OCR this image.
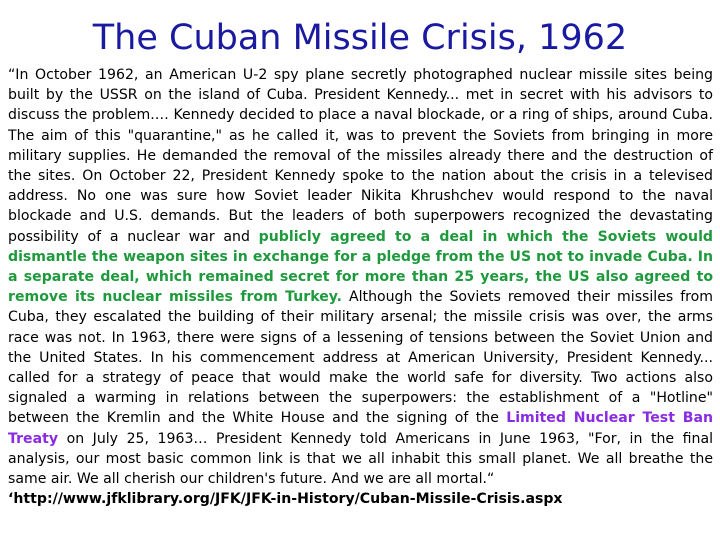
The Cuban Missile Crisis, 1962

“In October 1962, an American U-2 spy plane secretly photographed nuclear missile sites being built by the USSR on the island of Cuba. President Kennedy... met in secret with his advisors to discuss the problem.… Kennedy decided to place a naval blockade, or a ring of ships, around Cuba. The aim of this "quarantine," as he called it, was to prevent the Soviets from bringing in more military supplies. He demanded the removal of the missiles already there and the destruction of the sites. On October 22, President Kennedy spoke to the nation about the crisis in a televised address. No one was sure how Soviet leader Nikita Khrushchev would respond to the naval blockade and U.S. demands. But the leaders of both superpowers recognized the devastating possibility of a nuclear war and publicly agreed to a deal in which the Soviets would dismantle the weapon sites in exchange for a pledge from the US not to invade Cuba. In a separate deal, which remained secret for more than 25 years, the US also agreed to remove its nuclear missiles from Turkey. Although the Soviets removed their missiles from Cuba, they escalated the building of their military arsenal; the missile crisis was over, the arms race was not. In 1963, there were signs of a lessening of tensions between the Soviet Union and the United States. In his commencement address at American University, President Kennedy... called for a strategy of peace that would make the world safe for diversity. Two actions also signaled a warming in relations between the superpowers: the establishment of a "Hotline" between the Kremlin and the White House and the signing of the Limited Nuclear Test Ban Treaty on July 25, 1963… President Kennedy told Americans in June 1963, "For, in the final analysis, our most basic common link is that we all inhabit this small planet. We all breathe the same air. We all cherish our children's future. And we are all mortal.“
‘http://www.jfklibrary.org/JFK/JFK-in-History/Cuban-Missile-Crisis.aspx
